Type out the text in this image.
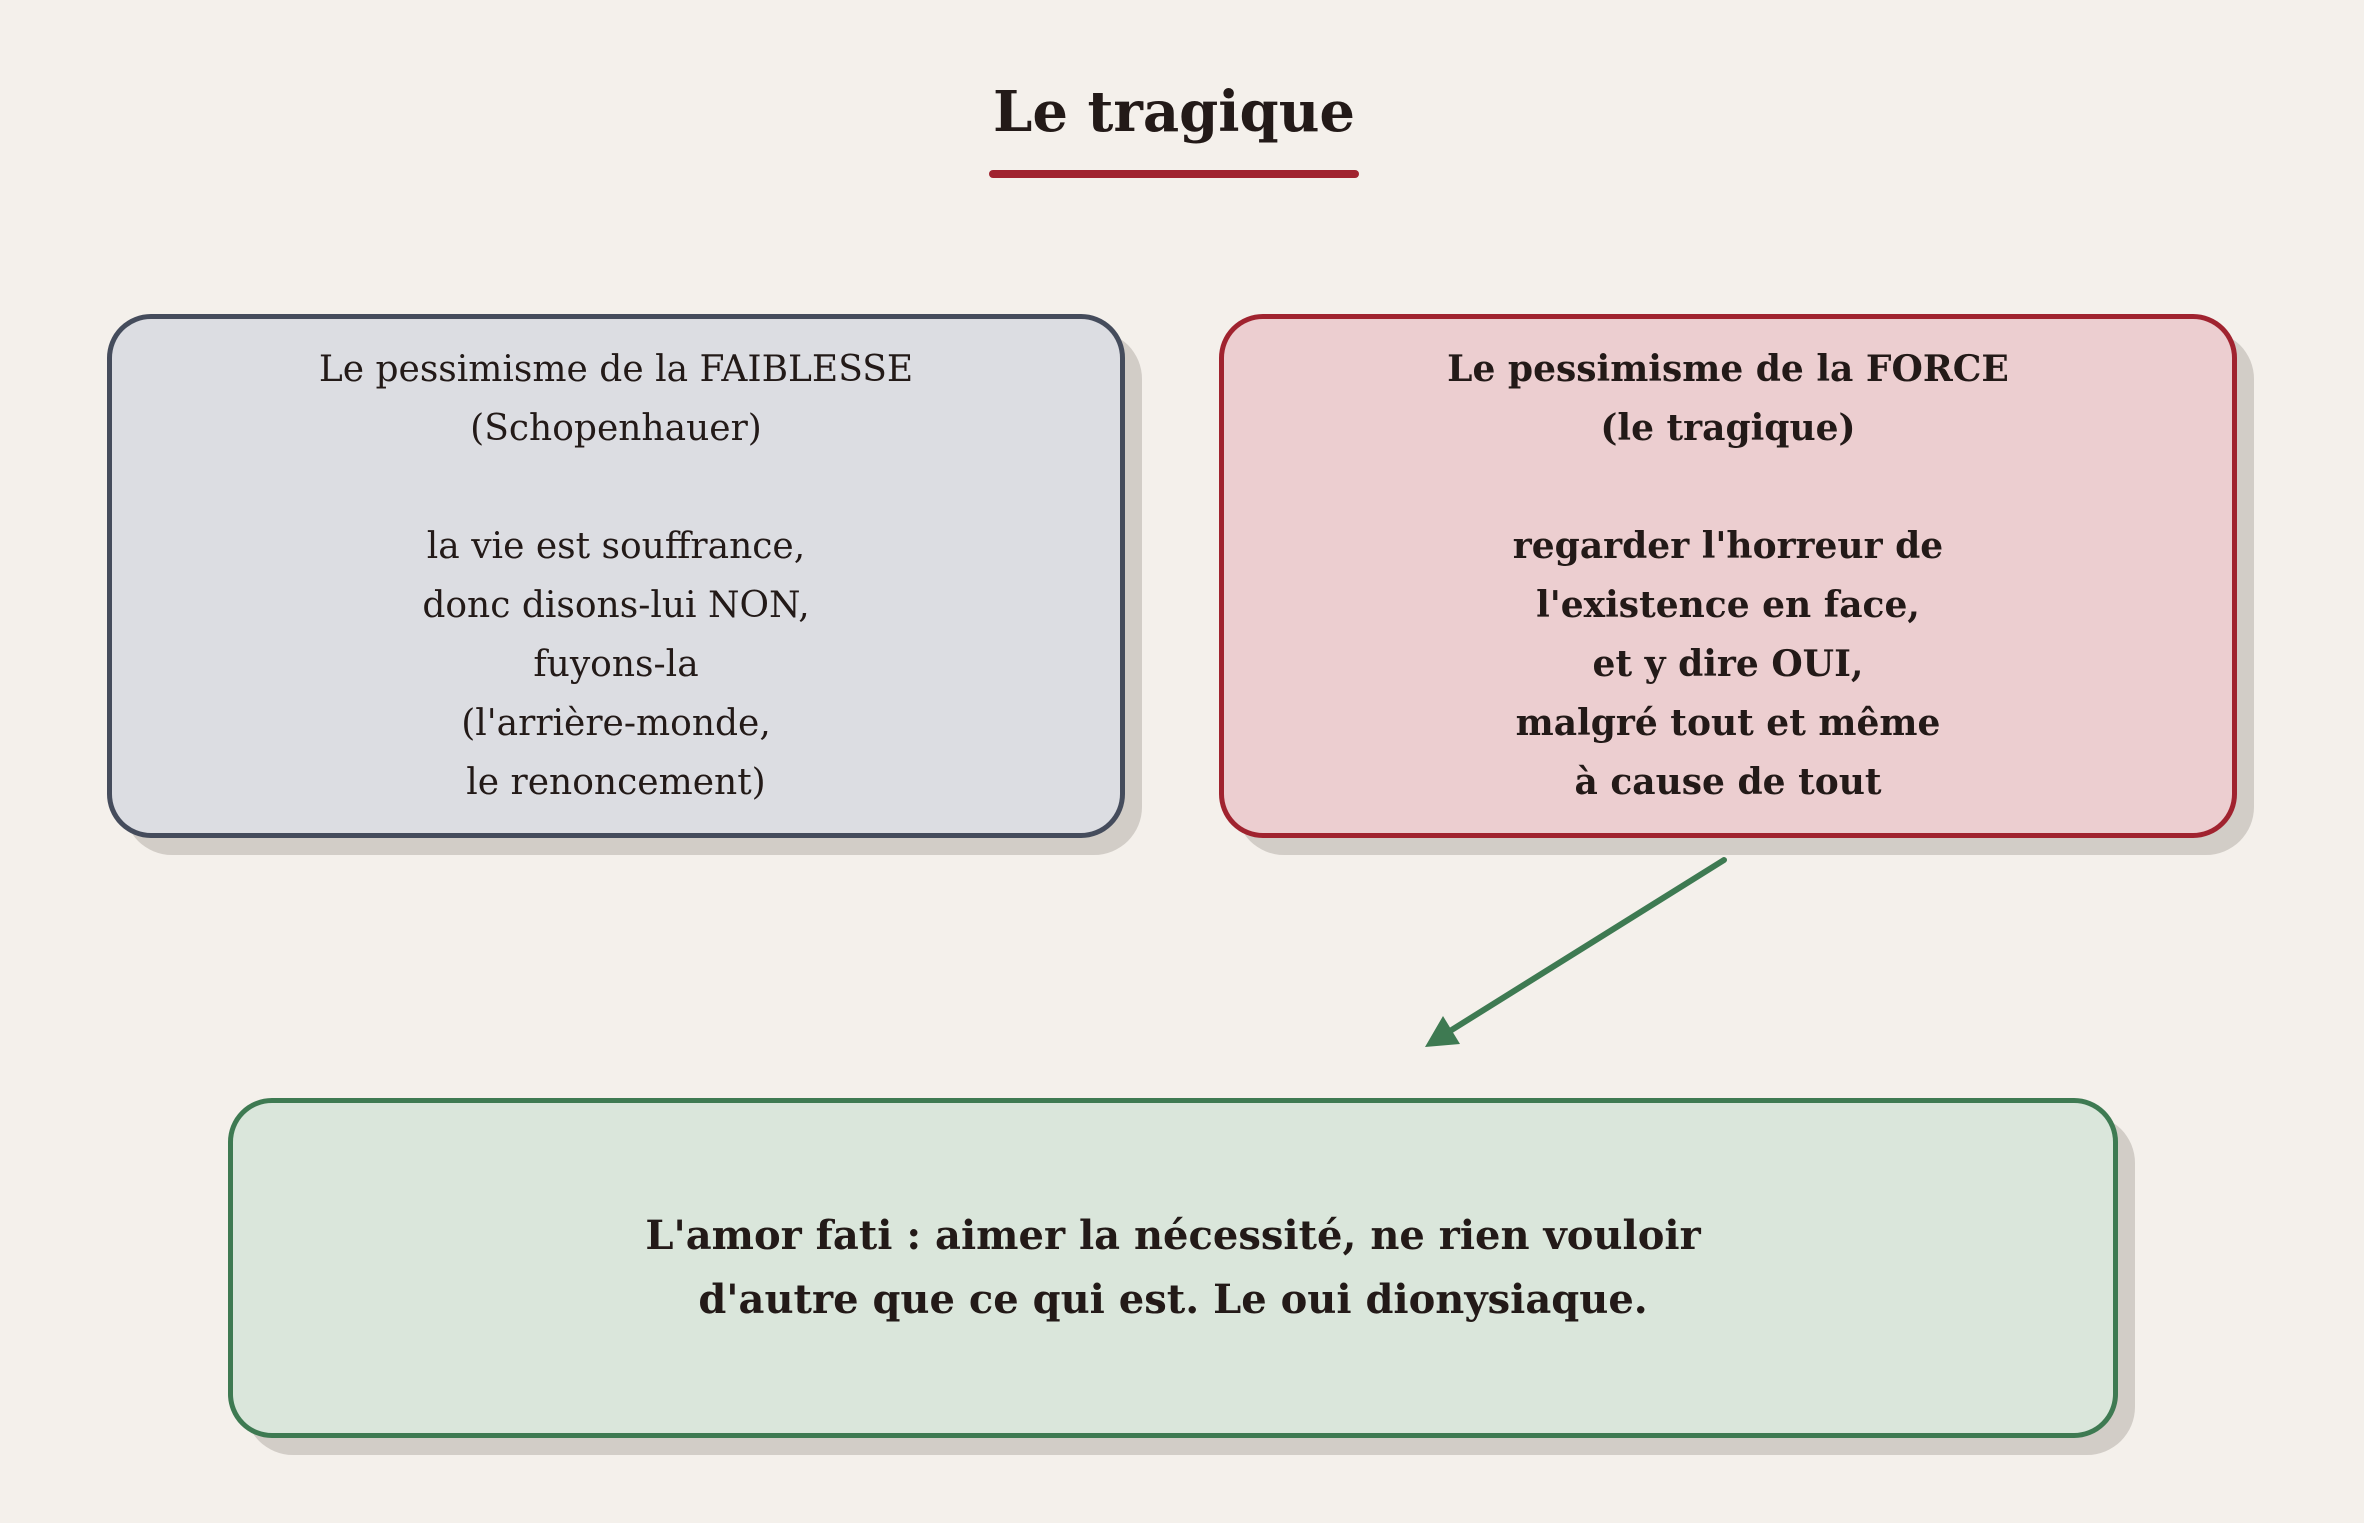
Le tragique
Le pessimisme de la FAIBLESSE
(Schopenhauer)
la vie est souffrance,
donc disons-lui NON,
fuyons-la
(l'arrière-monde,
le renoncement)
Le pessimisme de la FORCE
(le tragique)
regarder l'horreur de
l'existence en face,
et y dire OUI,
malgré tout et même
à cause de tout
L'amor fati : aimer la nécessité, ne rien vouloir
d'autre que ce qui est. Le oui dionysiaque.
